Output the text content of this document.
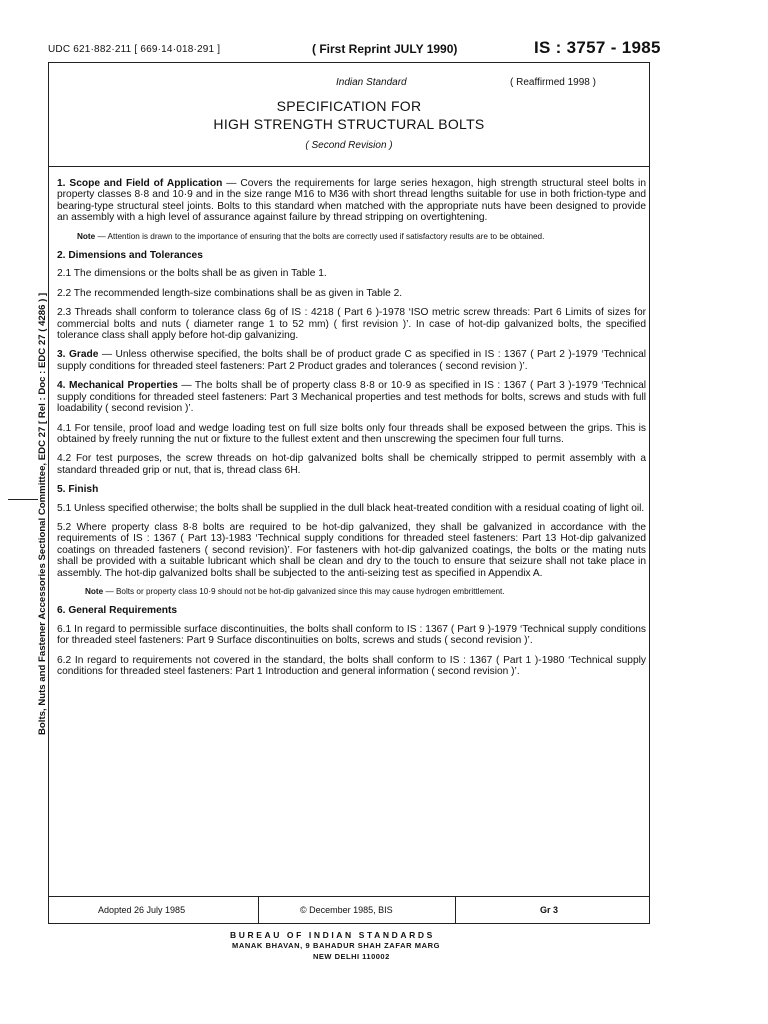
UDC 621·882·211 [ 669·14·018·291 ]	( First Reprint JULY 1990)	IS : 3757 - 1985
Indian Standard	( Reaffirmed 1998 )
SPECIFICATION FOR
HIGH STRENGTH STRUCTURAL BOLTS
( Second Revision )

1. Scope and Field of Application — Covers the requirements for large series hexagon, high strength structural steel bolts in property classes 8·8 and 10·9 and in the size range M16 to M36 with short thread lengths suitable for use in both friction-type and bearing-type structural steel joints. Bolts to this standard when matched with the appropriate nuts have been designed to provide an assembly with a high level of assurance against failure by thread stripping on overtightening.

Note — Attention is drawn to the importance of ensuring that the bolts are correctly used if satisfactory results are to be obtained.

2. Dimensions and Tolerances

2.1 The dimensions or the bolts shall be as given in Table 1.

2.2 The recommended length-size combinations shall be as given in Table 2.

2.3 Threads shall conform to tolerance class 6g of IS : 4218 ( Part 6 )-1978 ‘ISO metric screw threads: Part 6 Limits of sizes for commercial bolts and nuts ( diameter range 1 to 52 mm) ( first revision )’. In case of hot-dip galvanized bolts, the specified tolerance class shall apply before hot-dip galvanizing.

3. Grade — Unless otherwise specified, the bolts shall be of product grade C as specified in IS : 1367 ( Part 2 )-1979 ‘Technical supply conditions for threaded steel fasteners: Part 2 Product grades and tolerances ( second revision )’.

4. Mechanical Properties — The bolts shall be of property class 8·8 or 10·9 as specified in IS : 1367 ( Part 3 )-1979 ‘Technical supply conditions for threaded steel fasteners: Part 3 Mechanical properties and test methods for bolts, screws and studs with full loadability ( second revision )’.

4.1 For tensile, proof load and wedge loading test on full size bolts only four threads shall be exposed between the grips. This is obtained by freely running the nut or fixture to the fullest extent and then unscrewing the specimen four full turns.

4.2 For test purposes, the screw threads on hot-dip galvanized bolts shall be chemically stripped to permit assembly with a standard threaded grip or nut, that is, thread class 6H.

5. Finish

5.1 Unless specified otherwise; the bolts shall be supplied in the dull black heat-treated condition with a residual coating of light oil.

5.2 Where property class 8·8 bolts are required to be hot-dip galvanized, they shall be galvanized in accordance with the requirements of IS : 1367 ( Part 13)-1983 ‘Technical supply conditions for threaded steel fasteners: Part 13 Hot-dip galvanized coatings on threaded fasteners ( second revision)’. For fasteners with hot-dip galvanized coatings, the bolts or the mating nuts shall be provided with a suitable lubricant which shall be clean and dry to the touch to ensure that seizure shall not take place in assembly. The hot-dip galvanized bolts shall be subjected to the anti-seizing test as specified in Appendix A.

Note — Bolts or property class 10·9 should not be hot-dip galvanized since this may cause hydrogen embrittlement.

6. General Requirements

6.1 In regard to permissible surface discontinuities, the bolts shall conform to IS : 1367 ( Part 9 )-1979 ‘Technical supply conditions for threaded steel fasteners: Part 9 Surface discontinuities on bolts, screws and studs ( second revision )’.

6.2 In regard to requirements not covered in the standard, the bolts shall conform to IS : 1367 ( Part 1 )-1980 ‘Technical supply conditions for threaded steel fasteners: Part 1 Introduction and general information ( second revision )’.

Adopted 26 July 1985	© December 1985, BIS	Gr 3
BUREAU OF INDIAN STANDARDS
MANAK BHAVAN, 9 BAHADUR SHAH ZAFAR MARG
NEW DELHI 110002
Bolts, Nuts and Fastener Accessories Sectional Committee, EDC 27 [ Rel : Doc : EDC 27 ( 4286 ) ]
